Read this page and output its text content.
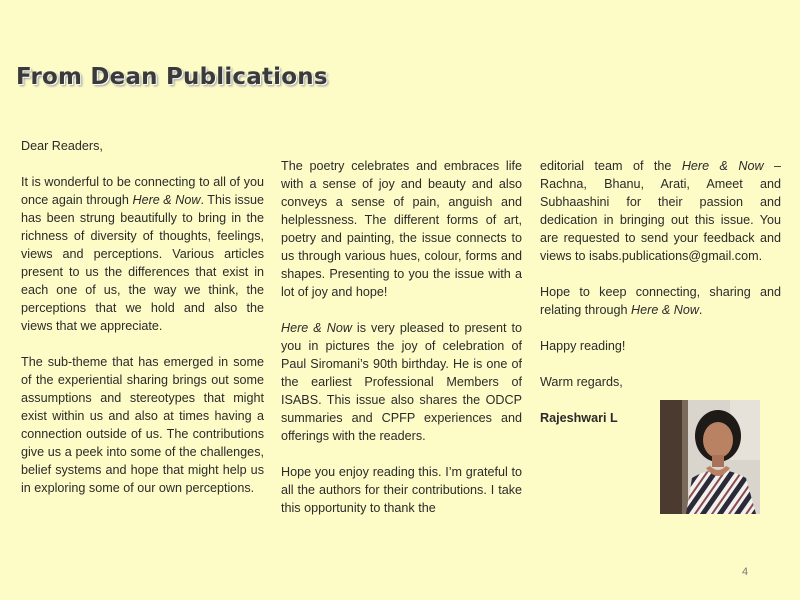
From Dean Publications

Dear Readers,

It is wonderful to be connecting to all of you once again through Here & Now. This issue has been strung beautifully to bring in the richness of diversity of thoughts, feelings, views and perceptions. Various articles present to us the differences that exist in each one of us, the way we think, the perceptions that we hold and also the views that we appreciate.

The sub-theme that has emerged in some of the experiential sharing brings out some assumptions and stereotypes that might exist within us and also at times having a connection outside of us. The contributions give us a peek into some of the challenges, belief systems and hope that might help us in exploring some of our own perceptions.

The poetry celebrates and embraces life with a sense of joy and beauty and also conveys a sense of pain, anguish and helplessness. The different forms of art, poetry and painting, the issue connects to us through various hues, colour, forms and shapes. Presenting to you the issue with a lot of joy and hope!

Here & Now is very pleased to present to you in pictures the joy of celebration of Paul Siromani’s 90th birthday. He is one of the earliest Professional Members of ISABS. This issue also shares the ODCP summaries and CPFP experiences and offerings with the readers.

Hope you enjoy reading this. I’m grateful to all the authors for their contributions. I take this opportunity to thank the

editorial team of the Here & Now – Rachna, Bhanu, Arati, Ameet and Subhaashini for their passion and dedication in bringing out this issue. You are requested to send your feedback and views to isabs.publications@gmail.com.

Hope to keep connecting, sharing and relating through Here & Now.

Happy reading!

Warm regards,

Rajeshwari L

4
